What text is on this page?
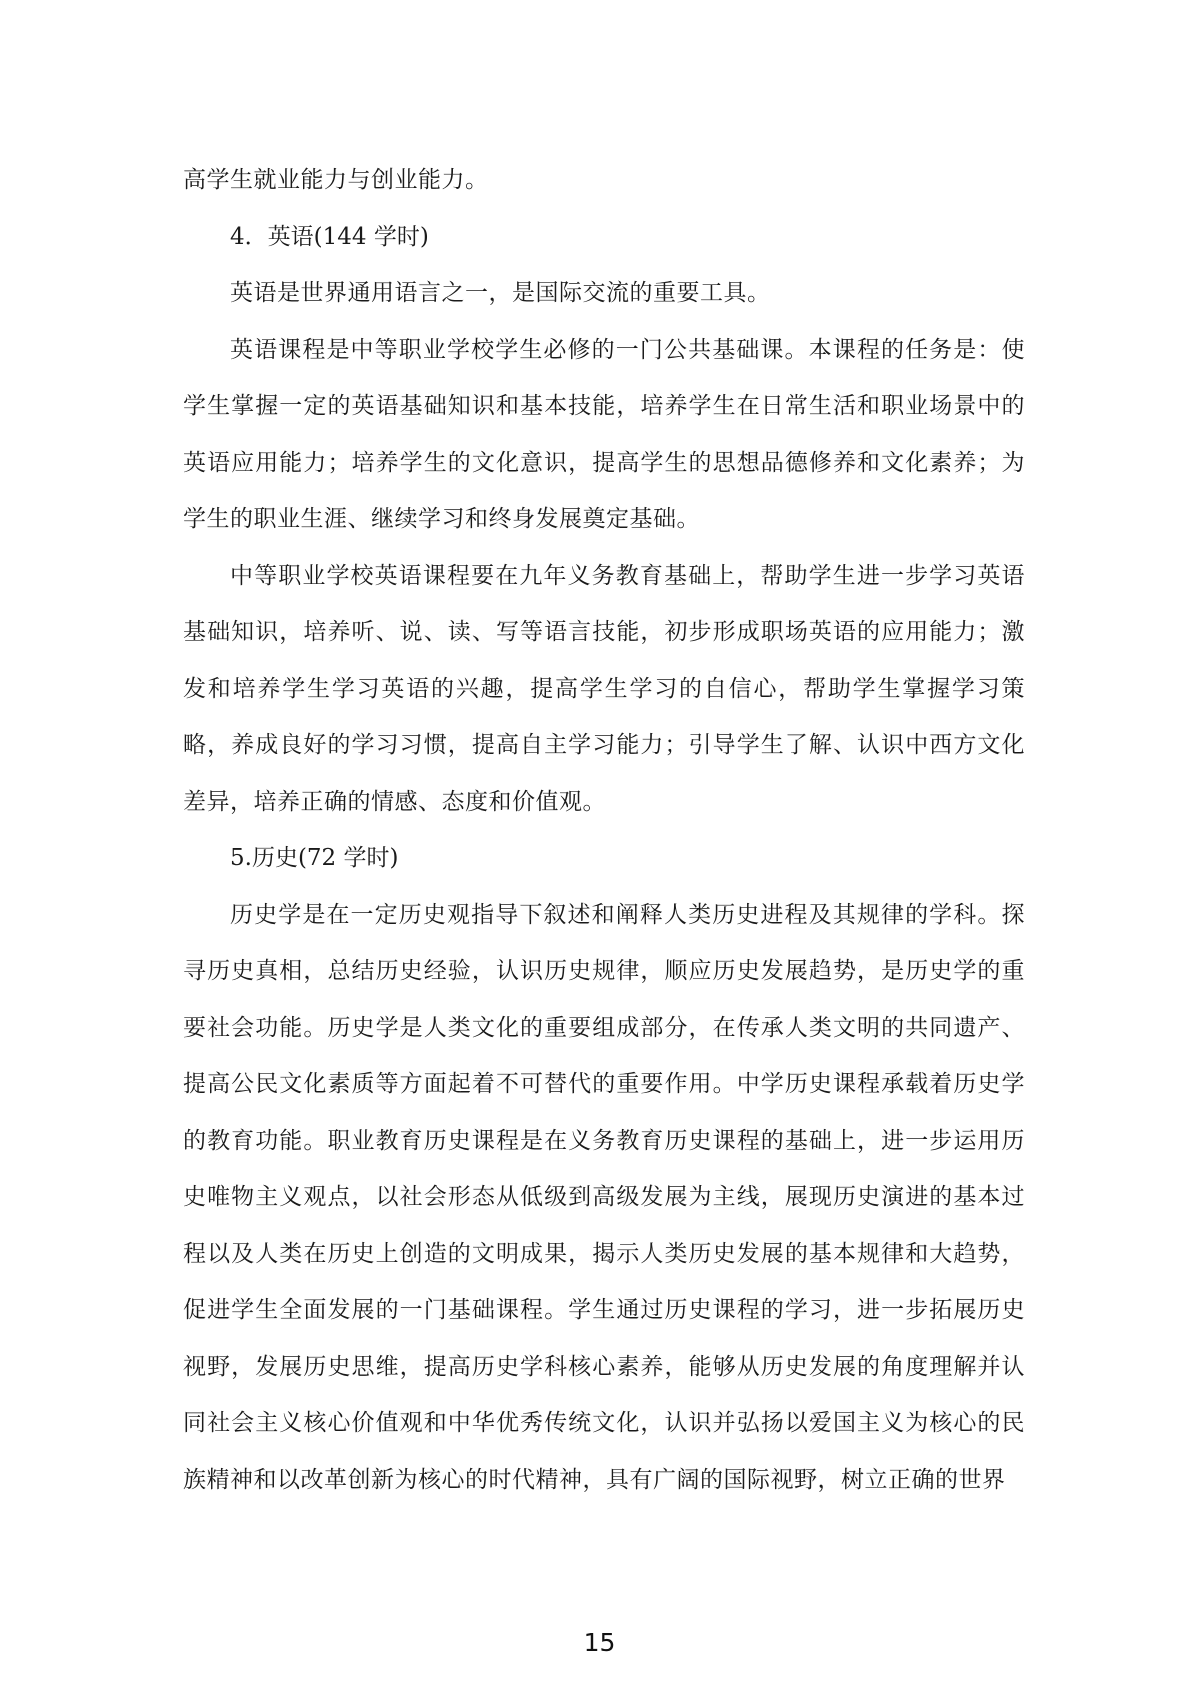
高学生就业能力与创业能力。

4．英语(144 学时)

英语是世界通用语言之一，是国际交流的重要工具。

英语课程是中等职业学校学生必修的一门公共基础课。本课程的任务是：使学生掌握一定的英语基础知识和基本技能，培养学生在日常生活和职业场景中的英语应用能力；培养学生的文化意识，提高学生的思想品德修养和文化素养；为学生的职业生涯、继续学习和终身发展奠定基础。

中等职业学校英语课程要在九年义务教育基础上，帮助学生进一步学习英语基础知识，培养听、说、读、写等语言技能，初步形成职场英语的应用能力；激发和培养学生学习英语的兴趣，提高学生学习的自信心，帮助学生掌握学习策略，养成良好的学习习惯，提高自主学习能力；引导学生了解、认识中西方文化差异，培养正确的情感、态度和价值观。

5.历史(72 学时)

历史学是在一定历史观指导下叙述和阐释人类历史进程及其规律的学科。探寻历史真相，总结历史经验，认识历史规律，顺应历史发展趋势，是历史学的重要社会功能。历史学是人类文化的重要组成部分，在传承人类文明的共同遗产、提高公民文化素质等方面起着不可替代的重要作用。中学历史课程承载着历史学的教育功能。职业教育历史课程是在义务教育历史课程的基础上，进一步运用历史唯物主义观点，以社会形态从低级到高级发展为主线，展现历史演进的基本过程以及人类在历史上创造的文明成果，揭示人类历史发展的基本规律和大趋势，促进学生全面发展的一门基础课程。学生通过历史课程的学习，进一步拓展历史视野，发展历史思维，提高历史学科核心素养，能够从历史发展的角度理解并认同社会主义核心价值观和中华优秀传统文化，认识并弘扬以爱国主义为核心的民族精神和以改革创新为核心的时代精神，具有广阔的国际视野，树立正确的世界

15
